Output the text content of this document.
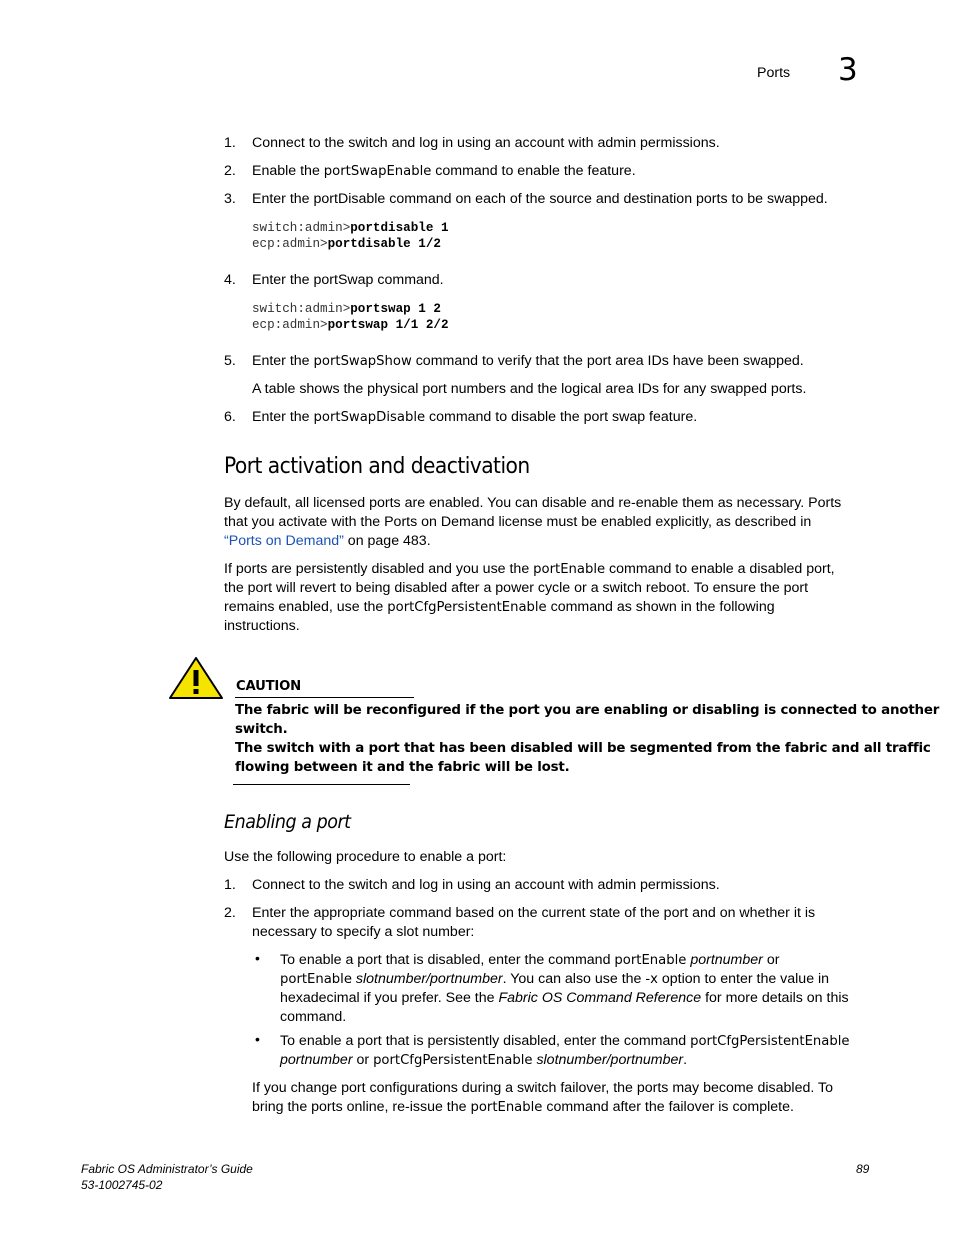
Ports 3
1. Connect to the switch and log in using an account with admin permissions.
2. Enable the portSwapEnable command to enable the feature.
3. Enter the portDisable command on each of the source and destination ports to be swapped.
switch:admin>portdisable 1
ecp:admin>portdisable 1/2
4. Enter the portSwap command.
switch:admin>portswap 1 2
ecp:admin>portswap 1/1 2/2
5. Enter the portSwapShow command to verify that the port area IDs have been swapped.
A table shows the physical port numbers and the logical area IDs for any swapped ports.
6. Enter the portSwapDisable command to disable the port swap feature.
Port activation and deactivation
By default, all licensed ports are enabled. You can disable and re-enable them as necessary. Ports
that you activate with the Ports on Demand license must be enabled explicitly, as described in
“Ports on Demand” on page 483.
If ports are persistently disabled and you use the portEnable command to enable a disabled port,
the port will revert to being disabled after a power cycle or a switch reboot. To ensure the port
remains enabled, use the portCfgPersistentEnable command as shown in the following
instructions.
CAUTION
The fabric will be reconfigured if the port you are enabling or disabling is connected to another
switch.
The switch with a port that has been disabled will be segmented from the fabric and all traffic
flowing between it and the fabric will be lost.
Enabling a port
Use the following procedure to enable a port:
1. Connect to the switch and log in using an account with admin permissions.
2. Enter the appropriate command based on the current state of the port and on whether it is
necessary to specify a slot number:
• To enable a port that is disabled, enter the command portEnable portnumber or
portEnable slotnumber/portnumber. You can also use the -x option to enter the value in
hexadecimal if you prefer. See the Fabric OS Command Reference for more details on this
command.
• To enable a port that is persistently disabled, enter the command portCfgPersistentEnable
portnumber or portCfgPersistentEnable slotnumber/portnumber.
If you change port configurations during a switch failover, the ports may become disabled. To
bring the ports online, re-issue the portEnable command after the failover is complete.
Fabric OS Administrator’s Guide
53-1002745-02
89
